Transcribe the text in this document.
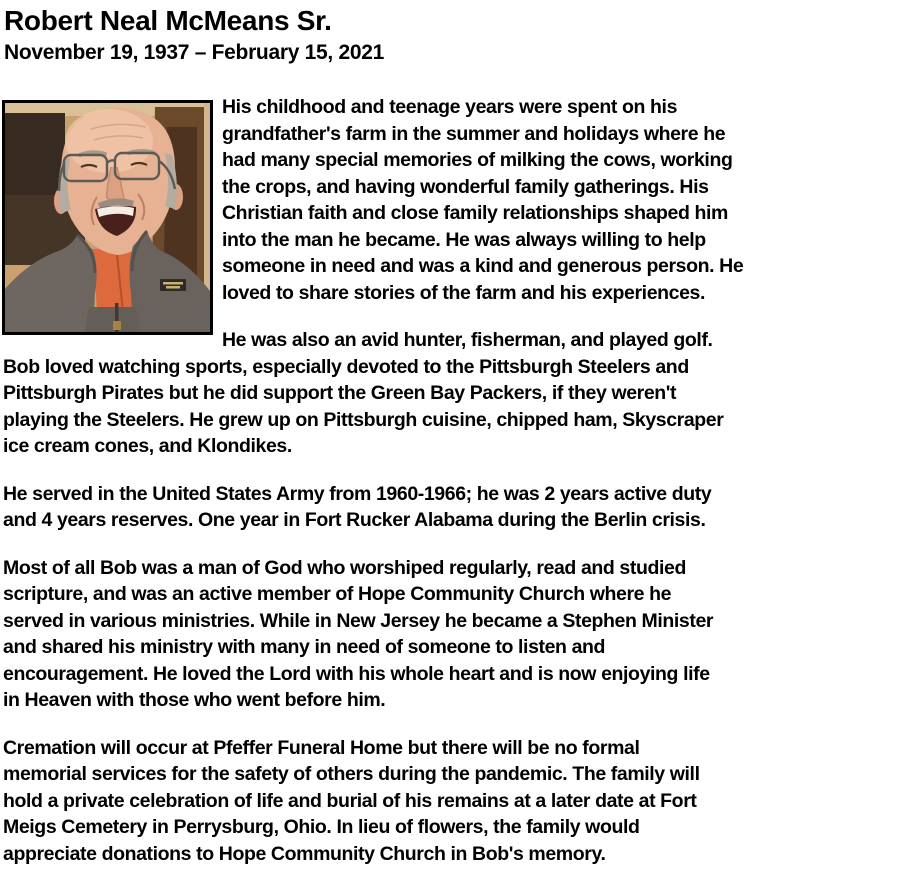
Robert Neal McMeans Sr.
November 19, 1937 – February 15, 2021
His childhood and teenage years were spent on his
grandfather's farm in the summer and holidays where he
had many special memories of milking the cows, working
the crops, and having wonderful family gatherings. His
Christian faith and close family relationships shaped him
into the man he became. He was always willing to help
someone in need and was a kind and generous person. He
loved to share stories of the farm and his experiences.
He was also an avid hunter, fisherman, and played golf.
Bob loved watching sports, especially devoted to the Pittsburgh Steelers and
Pittsburgh Pirates but he did support the Green Bay Packers, if they weren't
playing the Steelers. He grew up on Pittsburgh cuisine, chipped ham, Skyscraper
ice cream cones, and Klondikes.
He served in the United States Army from 1960-1966; he was 2 years active duty
and 4 years reserves. One year in Fort Rucker Alabama during the Berlin crisis.
Most of all Bob was a man of God who worshiped regularly, read and studied
scripture, and was an active member of Hope Community Church where he
served in various ministries. While in New Jersey he became a Stephen Minister
and shared his ministry with many in need of someone to listen and
encouragement. He loved the Lord with his whole heart and is now enjoying life
in Heaven with those who went before him.
Cremation will occur at Pfeffer Funeral Home but there will be no formal
memorial services for the safety of others during the pandemic. The family will
hold a private celebration of life and burial of his remains at a later date at Fort
Meigs Cemetery in Perrysburg, Ohio. In lieu of flowers, the family would
appreciate donations to Hope Community Church in Bob's memory.
